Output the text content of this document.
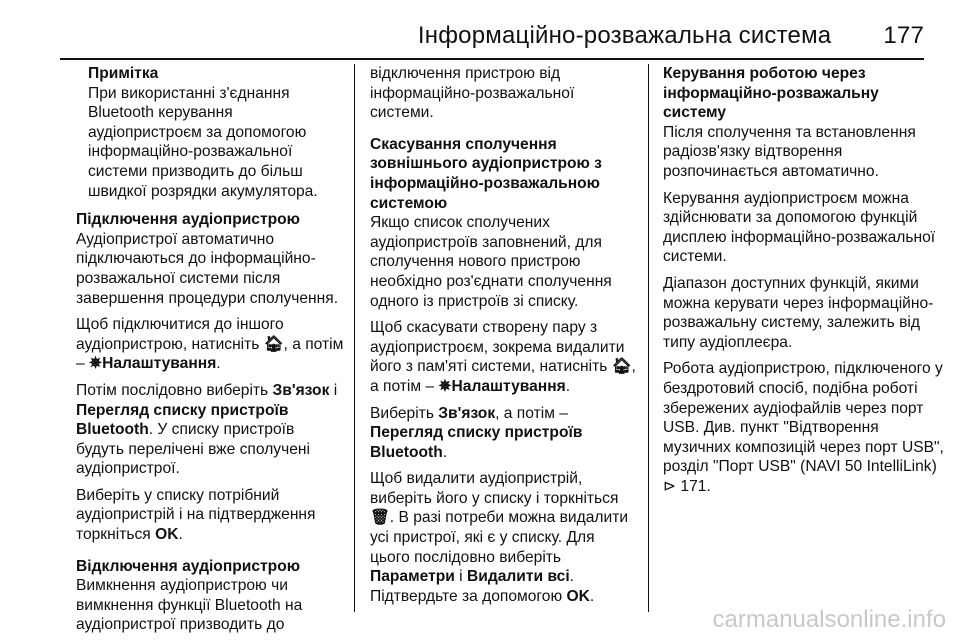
Інформаційно-розважальна система 177

Примітка

При використанні з'єднання Bluetooth керування аудіопристроєм за допомогою інформаційно-розважальної системи призводить до більш швидкої розрядки акумулятора.

Підключення аудіопристрою

Аудіопристрої автоматично підключаються до інформаційно-розважальної системи після завершення процедури сполучення.

Щоб підключитися до іншого аудіопристрою, натисніть 🏠︎, а потім – ✵Налаштування.

Потім послідовно виберіть Зв'язок і Перегляд списку пристроїв Bluetooth. У списку пристроїв будуть перелічені вже сполучені аудіопристрої.

Виберіть у списку потрібний аудіопристрій і на підтвердження торкніться OK.

Відключення аудіопристрою

Вимкнення аудіопристрою чи вимкнення функції Bluetooth на аудіопристрої призводить до

відключення пристрою від інформаційно-розважальної системи.

Скасування сполучення зовнішнього аудіопристрою з інформаційно-розважальною системою

Якщо список сполучених аудіопристроїв заповнений, для сполучення нового пристрою необхідно роз'єднати сполучення одного із пристроїв зі списку.

Щоб скасувати створену пару з аудіопристроєм, зокрема видалити його з пам'яті системи, натисніть 🏠︎, а потім – ✵Налаштування.

Виберіть Зв'язок, а потім – Перегляд списку пристроїв Bluetooth.

Щоб видалити аудіопристрій, виберіть його у списку і торкніться 🗑︎. В разі потреби можна видалити усі пристрої, які є у списку. Для цього послідовно виберіть Параметри і Видалити всі. Підтвердьте за допомогою OK.

Керування роботою через інформаційно-розважальну систему

Після сполучення та встановлення радіозв'язку відтворення розпочинається автоматично.

Керування аудіопристроєм можна здійснювати за допомогою функцій дисплею інформаційно-розважальної системи.

Діапазон доступних функцій, якими можна керувати через інформаційно-розважальну систему, залежить від типу аудіоплеєра.

Робота аудіопристрою, підключеного у бездротовий спосіб, подібна роботі збережених аудіофайлів через порт USB. Див. пункт "Відтворення музичних композицій через порт USB", розділ "Порт USB" (NAVI 50 IntelliLink)
⊳ 171.

carmanualsonline.info
